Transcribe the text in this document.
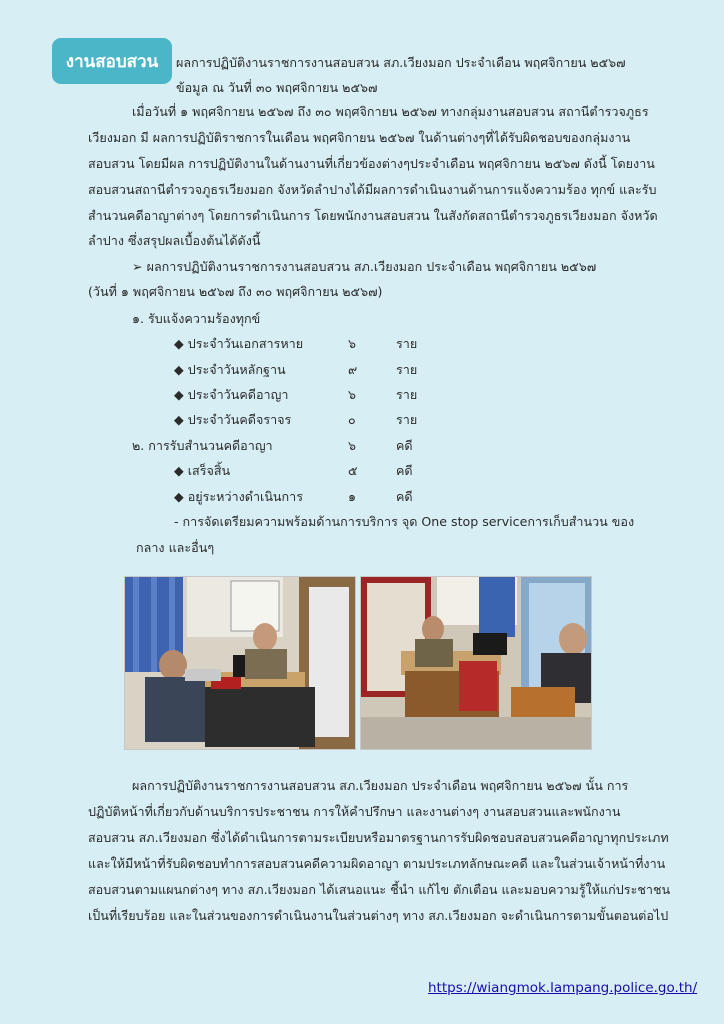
งานสอบสวน	ผลการปฏิบัติงานราชการงานสอบสวน สภ.เวียงมอก ประจำเดือน พฤศจิกายน ๒๕๖๗
ข้อมูล ณ วันที่ ๓๐ พฤศจิกายน ๒๕๖๗
เมื่อวันที่ ๑ พฤศจิกายน ๒๕๖๗ ถึง ๓๐ พฤศจิกายน ๒๕๖๗ ทางกลุ่มงานสอบสวน สถานีตำรวจภูธร
เวียงมอก มี ผลการปฏิบัติราชการในเดือน พฤศจิกายน ๒๕๖๗ ในด้านต่างๆที่ได้รับผิดชอบของกลุ่มงาน
สอบสวน โดยมีผล การปฏิบัติงานในด้านงานที่เกี่ยวข้องต่างๆประจำเดือน พฤศจิกายน ๒๕๖๗ ดังนี้ โดยงาน
สอบสวนสถานีตำรวจภูธรเวียงมอก จังหวัดลำปางได้มีผลการดำเนินงานด้านการแจ้งความร้อง ทุกข์ และรับ
สำนวนคดีอาญาต่างๆ โดยการดำเนินการ โดยพนักงานสอบสวน ในสังกัดสถานีตำรวจภูธรเวียงมอก จังหวัด
ลำปาง ซึ่งสรุปผลเบื้องต้นได้ดังนี้
➢ ผลการปฏิบัติงานราชการงานสอบสวน สภ.เวียงมอก ประจำเดือน พฤศจิกายน ๒๕๖๗
(วันที่ ๑ พฤศจิกายน ๒๕๖๗ ถึง ๓๐ พฤศจิกายน ๒๕๖๗)
๑. รับแจ้งความร้องทุกข์
◆ ประจำวันเอกสารหาย	๖	ราย
◆ ประจำวันหลักฐาน	๙	ราย
◆ ประจำวันคดีอาญา	๖	ราย
◆ ประจำวันคดีจราจร	๐	ราย
๒. การรับสำนวนคดีอาญา	๖	คดี
◆ เสร็จสิ้น	๕	คดี
◆ อยู่ระหว่างดำเนินการ	๑	คดี
- การจัดเตรียมความพร้อมด้านการบริการ จุด One stop serviceการเก็บสำนวน ของ
กลาง และอื่นๆ
ผลการปฏิบัติงานราชการงานสอบสวน สภ.เวียงมอก ประจำเดือน พฤศจิกายน ๒๕๖๗ นั้น การ
ปฏิบัติหน้าที่เกี่ยวกับด้านบริการประชาชน การให้คำปรึกษา และงานต่างๆ งานสอบสวนและพนักงาน
สอบสวน สภ.เวียงมอก ซึ่งได้ดำเนินการตามระเบียบหรือมาตรฐานการรับผิดชอบสอบสวนคดีอาญาทุกประเภท
และให้มีหน้าที่รับผิดชอบทำการสอบสวนคดีความผิดอาญา ตามประเภทลักษณะคดี และในส่วนเจ้าหน้าที่งาน
สอบสวนตามแผนกต่างๆ ทาง สภ.เวียงมอก ได้เสนอแนะ ชี้นำ แก้ไข ตักเตือน และมอบความรู้ให้แก่ประชาชน
เป็นที่เรียบร้อย และในส่วนของการดำเนินงานในส่วนต่างๆ ทาง สภ.เวียงมอก จะดำเนินการตามขั้นตอนต่อไป
https://wiangmok.lampang.police.go.th/
